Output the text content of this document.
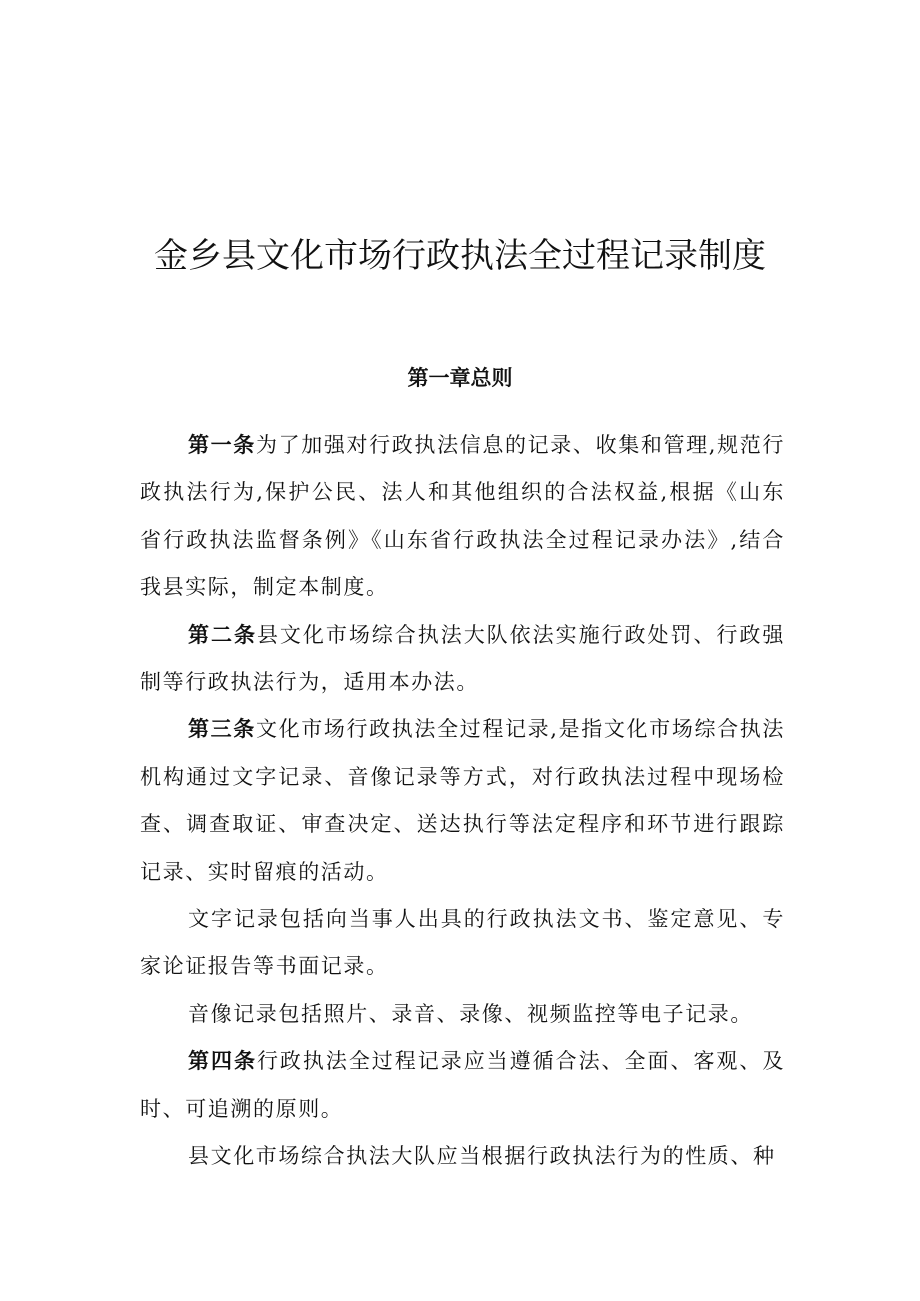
金乡县文化市场行政执法全过程记录制度
第一章总则

第一条为了加强对行政执法信息的记录、收集和管理,规范行政执法行为,保护公民、法人和其他组织的合法权益,根据《山东省行政执法监督条例》《山东省行政执法全过程记录办法》,结合我县实际，制定本制度。

第二条县文化市场综合执法大队依法实施行政处罚、行政强制等行政执法行为，适用本办法。

第三条文化市场行政执法全过程记录,是指文化市场综合执法机构通过文字记录、音像记录等方式，对行政执法过程中现场检查、调查取证、审查决定、送达执行等法定程序和环节进行跟踪记录、实时留痕的活动。

文字记录包括向当事人出具的行政执法文书、鉴定意见、专家论证报告等书面记录。

音像记录包括照片、录音、录像、视频监控等电子记录。

第四条行政执法全过程记录应当遵循合法、全面、客观、及时、可追溯的原则。

县文化市场综合执法大队应当根据行政执法行为的性质、种
